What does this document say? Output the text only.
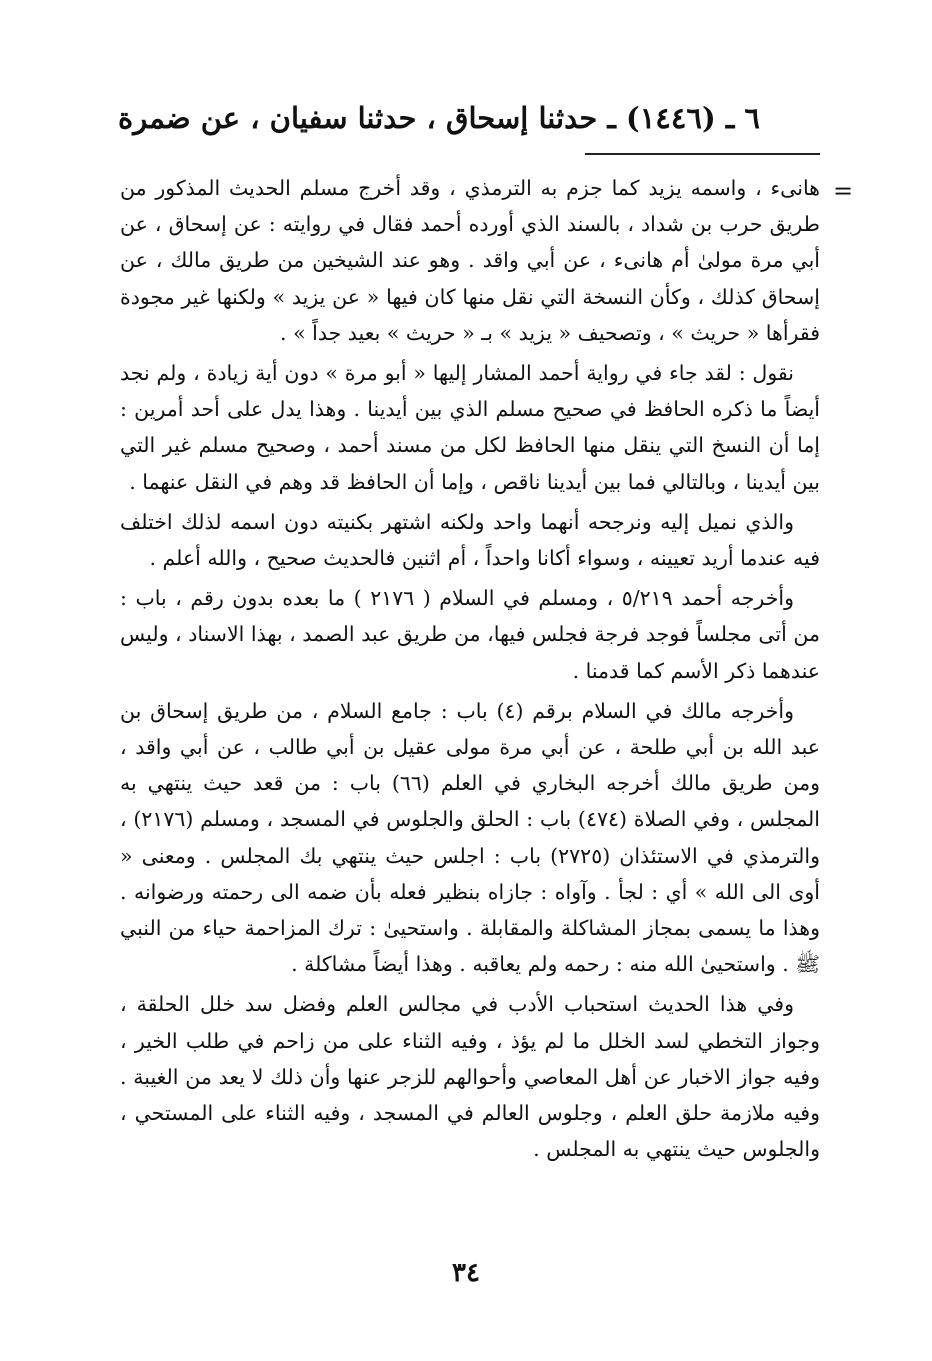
٦ ـ (١٤٤٦) ـ حدثنا إسحاق ، حدثنا سفيان ، عن ضمرة
=

هانىء ، واسمه يزيد كما جزم به الترمذي ، وقد أخرج مسلم الحديث المذكور من طريق حرب بن شداد ، بالسند الذي أورده أحمد فقال في روايته : عن إسحاق ، عن أبي مرة مولىٰ أم هانىء ، عن أبي واقد . وهو عند الشيخين من طريق مالك ، عن إسحاق كذلك ، وكأن النسخة التي نقل منها كان فيها « عن يزيد » ولكنها غير مجودة فقرأها « حريث » ، وتصحيف « يزيد » بـ « حريث » بعيد جداً » .

نقول : لقد جاء في رواية أحمد المشار إليها « أبو مرة » دون أية زيادة ، ولم نجد أيضاً ما ذكره الحافظ في صحيح مسلم الذي بين أيدينا . وهذا يدل على أحد أمرين : إما أن النسخ التي ينقل منها الحافظ لكل من مسند أحمد ، وصحيح مسلم غير التي بين أيدينا ، وبالتالي فما بين أيدينا ناقص ، وإما أن الحافظ قد وهم في النقل عنهما .

والذي نميل إليه ونرجحه أنهما واحد ولكنه اشتهر بكنيته دون اسمه لذلك اختلف فيه عندما أريد تعيينه ، وسواء أكانا واحداً ، أم اثنين فالحديث صحيح ، والله أعلم .

وأخرجه أحمد ٥/٢١٩ ، ومسلم في السلام ( ٢١٧٦ ) ما بعده بدون رقم ، باب : من أتى مجلساً فوجد فرجة فجلس فيها، من طريق عبد الصمد ، بهذا الاسناد ، وليس عندهما ذكر الأسم كما قدمنا .

وأخرجه مالك في السلام برقم (٤) باب : جامع السلام ، من طريق إسحاق بن عبد الله بن أبي طلحة ، عن أبي مرة مولى عقيل بن أبي طالب ، عن أبي واقد ، ومن طريق مالك أخرجه البخاري في العلم (٦٦) باب : من قعد حيث ينتهي به المجلس ، وفي الصلاة (٤٧٤) باب : الحلق والجلوس في المسجد ، ومسلم (٢١٧٦) ، والترمذي في الاستئذان (٢٧٢٥) باب : اجلس حيث ينتهي بك المجلس . ومعنى « أوى الى الله » أي : لجأ . وآواه : جازاه بنظير فعله بأن ضمه الى رحمته ورضوانه . وهذا ما يسمى بمجاز المشاكلة والمقابلة . واستحيىٰ : ترك المزاحمة حياء من النبي ﷺ . واستحيىٰ الله منه : رحمه ولم يعاقبه . وهذا أيضاً مشاكلة .

وفي هذا الحديث استحباب الأدب في مجالس العلم وفضل سد خلل الحلقة ، وجواز التخطي لسد الخلل ما لم يؤذ ، وفيه الثناء على من زاحم في طلب الخير ، وفيه جواز الاخبار عن أهل المعاصي وأحوالهم للزجر عنها وأن ذلك لا يعد من الغيبة . وفيه ملازمة حلق العلم ، وجلوس العالم في المسجد ، وفيه الثناء على المستحي ، والجلوس حيث ينتهي به المجلس .

٣٤
